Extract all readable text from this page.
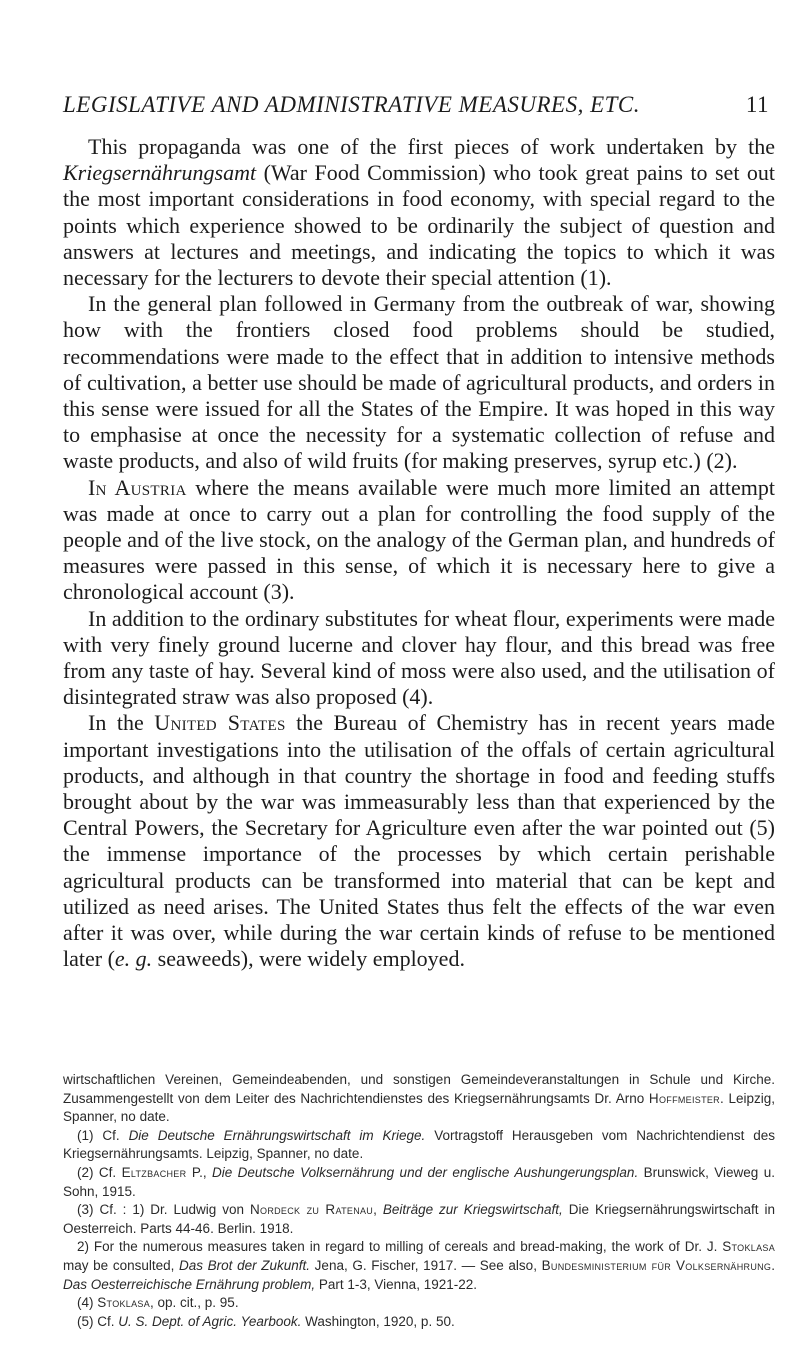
LEGISLATIVE AND ADMINISTRATIVE MEASURES, ETC.	11

This propaganda was one of the first pieces of work undertaken by the Kriegsernährungsamt (War Food Commission) who took great pains to set out the most important considerations in food economy, with special regard to the points which experience showed to be ordinarily the subject of question and answers at lectures and meetings, and indicating the topics to which it was necessary for the lecturers to devote their special attention (1).

In the general plan followed in Germany from the outbreak of war, showing how with the frontiers closed food problems should be studied, recommendations were made to the effect that in addition to intensive methods of cultivation, a better use should be made of agricultural products, and orders in this sense were issued for all the States of the Empire. It was hoped in this way to emphasise at once the necessity for a systematic collection of refuse and waste products, and also of wild fruits (for making preserves, syrup etc.) (2).

In Austria where the means available were much more limited an attempt was made at once to carry out a plan for controlling the food supply of the people and of the live stock, on the analogy of the German plan, and hundreds of measures were passed in this sense, of which it is necessary here to give a chronological account (3).

In addition to the ordinary substitutes for wheat flour, experiments were made with very finely ground lucerne and clover hay flour, and this bread was free from any taste of hay. Several kind of moss were also used, and the utilisation of disintegrated straw was also proposed (4).

In the United States the Bureau of Chemistry has in recent years made important investigations into the utilisation of the offals of certain agricultural products, and although in that country the shortage in food and feeding stuffs brought about by the war was immeasurably less than that experienced by the Central Powers, the Secretary for Agriculture even after the war pointed out (5) the immense importance of the processes by which certain perishable agricultural products can be transformed into material that can be kept and utilized as need arises. The United States thus felt the effects of the war even after it was over, while during the war certain kinds of refuse to be mentioned later (e. g. seaweeds), were widely employed.

wirtschaftlichen Vereinen, Gemeindeabenden, und sonstigen Gemeindeveranstaltungen in Schule und Kirche. Zusammengestellt von dem Leiter des Nachrichtendienstes des Kriegsernährungsamts Dr. Arno Hoffmeister. Leipzig, Spanner, no date.

(1) Cf. Die Deutsche Ernährungswirtschaft im Kriege. Vortragstoff Herausgeben vom Nachrichtendienst des Kriegsernährungsamts. Leipzig, Spanner, no date.

(2) Cf. Eltzbacher P., Die Deutsche Volksernährung und der englische Aushungerungsplan. Brunswick, Vieweg u. Sohn, 1915.

(3) Cf. : 1) Dr. Ludwig von Nordeck zu Ratenau, Beiträge zur Kriegswirtschaft, Die Kriegsernährungswirtschaft in Oesterreich. Parts 44-46. Berlin. 1918.

2) For the numerous measures taken in regard to milling of cereals and bread-making, the work of Dr. J. Stoklasa may be consulted, Das Brot der Zukunft. Jena, G. Fischer, 1917. — See also, Bundesministerium für Volksernährung. Das Oesterreichische Ernährung problem, Part 1-3, Vienna, 1921-22.

(4) Stoklasa, op. cit., p. 95.

(5) Cf. U. S. Dept. of Agric. Yearbook. Washington, 1920, p. 50.
